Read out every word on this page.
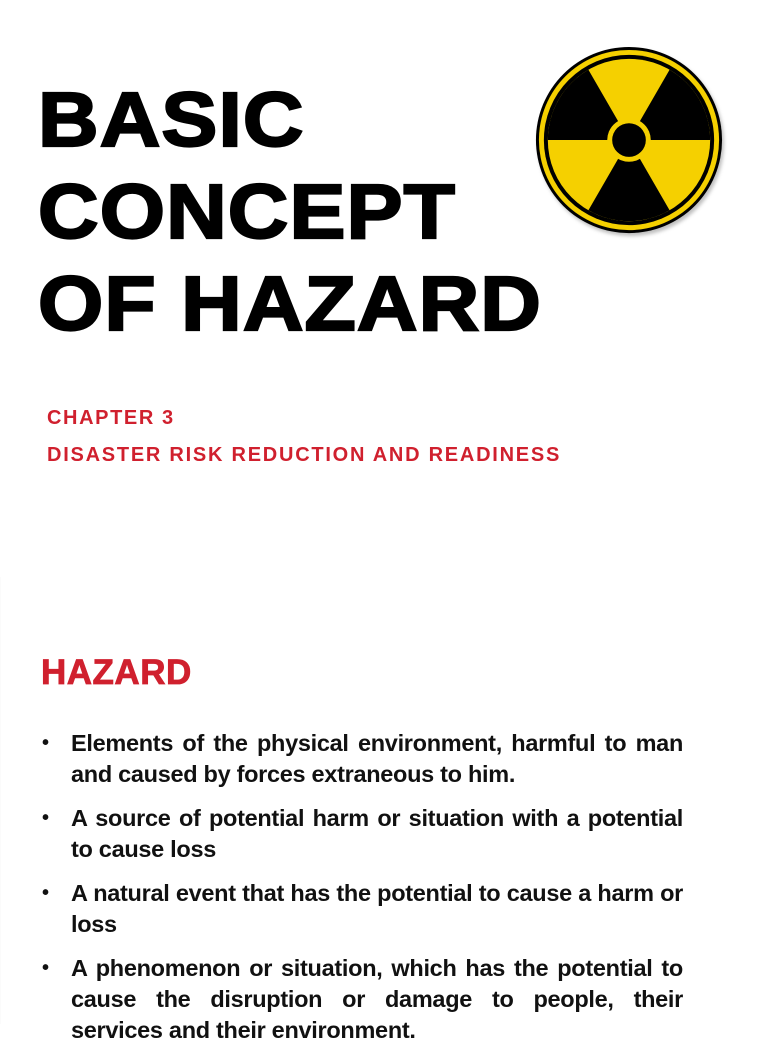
BASIC
CONCEPT
OF HAZARD

CHAPTER 3

DISASTER RISK REDUCTION AND READINESS

HAZARD
• Elements of the physical environment, harmful to man and caused by forces extraneous to him.
• A source of potential harm or situation with a potential to cause loss
• A natural event that has the potential to cause a harm or loss
• A phenomenon or situation, which has the potential to cause the disruption or damage to people, their services and their environment.
